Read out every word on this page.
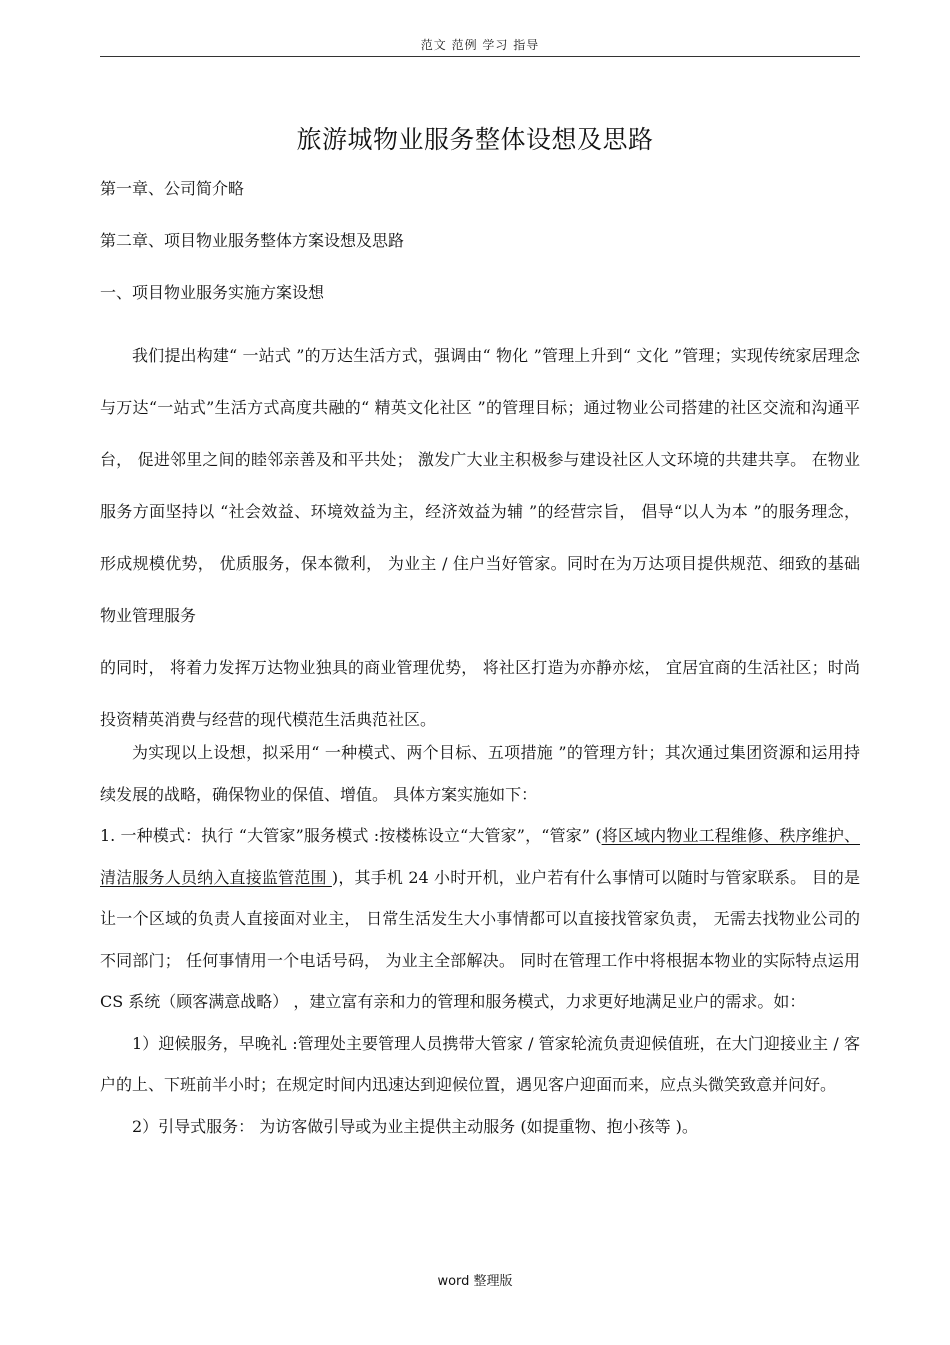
范文 范例 学习 指导
旅游城物业服务整体设想及思路
第一章、公司简介略
第二章、项目物业服务整体方案设想及思路
一、项目物业服务实施方案设想

我们提出构建“ 一站式 ”的万达生活方式，强调由“ 物化 ”管理上升到“ 文化 ”管理；实现传统家居理念与万达“一站式”生活方式高度共融的“ 精英文化社区 ”的管理目标；通过物业公司搭建的社区交流和沟通平台， 促进邻里之间的睦邻亲善及和平共处； 激发广大业主积极参与建设社区人文环境的共建共享。 在物业服务方面坚持以 “社会效益、环境效益为主，经济效益为辅 ”的经营宗旨， 倡导“以人为本 ”的服务理念， 形成规模优势， 优质服务，保本微利， 为业主 / 住户当好管家。同时在为万达项目提供规范、细致的基础物业管理服务

的同时， 将着力发挥万达物业独具的商业管理优势， 将社区打造为亦静亦炫， 宜居宜商的生活社区；时尚投资精英消费与经营的现代模范生活典范社区。

为实现以上设想，拟采用“ 一种模式、两个目标、五项措施 ”的管理方针；其次通过集团资源和运用持续发展的战略，确保物业的保值、增值。 具体方案实施如下：

1. 一种模式：执行 “大管家”服务模式 :按楼栋设立“大管家”，“管家” (将区域内物业工程维修、秩序维护、清洁服务人员纳入直接监管范围 )，其手机 24 小时开机，业户若有什么事情可以随时与管家联系。 目的是让一个区域的负责人直接面对业主， 日常生活发生大小事情都可以直接找管家负责， 无需去找物业公司的不同部门； 任何事情用一个电话号码， 为业主全部解决。 同时在管理工作中将根据本物业的实际特点运用 CS 系统（顾客满意战略） ，建立富有亲和力的管理和服务模式，力求更好地满足业户的需求。如：

1）迎候服务，早晚礼 :管理处主要管理人员携带大管家 / 管家轮流负责迎候值班，在大门迎接业主 / 客户的上、下班前半小时；在规定时间内迅速达到迎候位置，遇见客户迎面而来，应点头微笑致意并问好。

2）引导式服务： 为访客做引导或为业主提供主动服务 (如提重物、抱小孩等 )。

word 整理版
